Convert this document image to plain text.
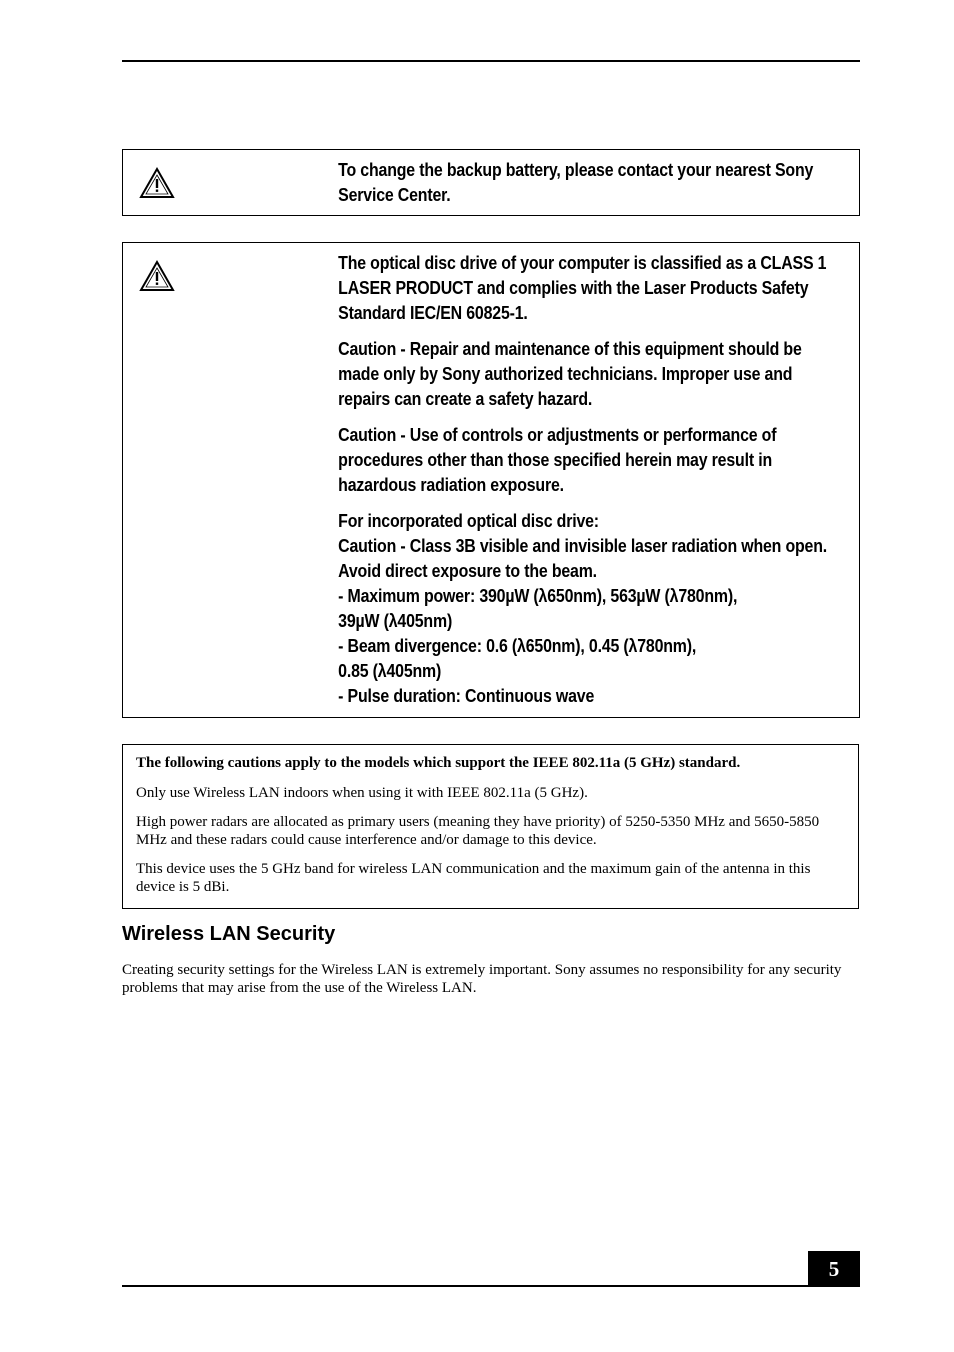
To change the backup battery, please contact your nearest Sony

Service Center.

The optical disc drive of your computer is classified as a CLASS 1

LASER PRODUCT and complies with the Laser Products Safety

Standard IEC/EN 60825-1.

Caution - Repair and maintenance of this equipment should be

made only by Sony authorized technicians. Improper use and

repairs can create a safety hazard.

Caution - Use of controls or adjustments or performance of

procedures other than those specified herein may result in

hazardous radiation exposure.

For incorporated optical disc drive:

Caution - Class 3B visible and invisible laser radiation when open.

Avoid direct exposure to the beam.

- Maximum power: 390µW (λ650nm), 563µW (λ780nm),

39µW (λ405nm)

- Beam divergence: 0.6 (λ650nm), 0.45 (λ780nm),

0.85 (λ405nm)

- Pulse duration: Continuous wave

The following cautions apply to the models which support the IEEE 802.11a (5 GHz) standard.

Only use Wireless LAN indoors when using it with IEEE 802.11a (5 GHz).

High power radars are allocated as primary users (meaning they have priority) of 5250-5350 MHz and 5650-5850 MHz and these radars could cause interference and/or damage to this device.

This device uses the 5 GHz band for wireless LAN communication and the maximum gain of the antenna in this device is 5 dBi.

Wireless LAN Security
Creating security settings for the Wireless LAN is extremely important. Sony assumes no responsibility for any security problems that may arise from the use of the Wireless LAN.
5
